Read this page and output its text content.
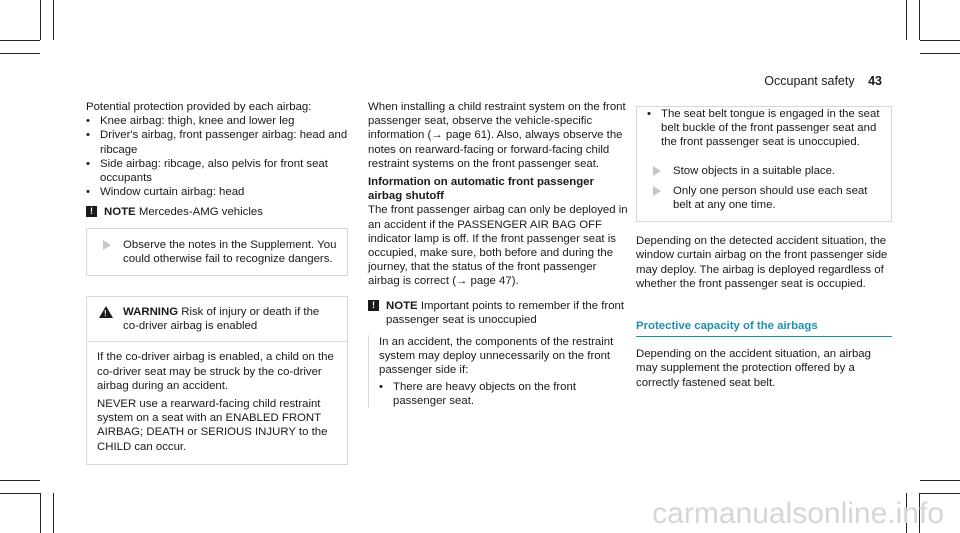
Occupant safety 43

Potential protection provided by each airbag:

• Knee airbag: thigh, knee and lower leg

• Driver's airbag, front passenger airbag: head and ribcage

• Side airbag: ribcage, also pelvis for front seat occupants

• Window curtain airbag: head

! NOTE Mercedes-AMG vehicles

Observe the notes in the Supplement. You could otherwise fail to recognize dangers.

! WARNING Risk of injury or death if the co-driver airbag is enabled

If the co-driver airbag is enabled, a child on the co-driver seat may be struck by the co-driver airbag during an accident.

NEVER use a rearward-facing child restraint system on a seat with an ENABLED FRONT AIRBAG; DEATH or SERIOUS INJURY to the CHILD can occur.

When installing a child restraint system on the front passenger seat, observe the vehicle-specific information (→ page 61). Also, always observe the notes on rearward-facing or forward-facing child restraint systems on the front passenger seat.

Information on automatic front passenger airbag shutoff

The front passenger airbag can only be deployed in an accident if the PASSENGER AIR BAG OFF indicator lamp is off. If the front passenger seat is occupied, make sure, both before and during the journey, that the status of the front passenger airbag is correct (→ page 47).

! NOTE Important points to remember if the front passenger seat is unoccupied

In an accident, the components of the restraint system may deploy unnecessarily on the front passenger side if:

• There are heavy objects on the front passenger seat.

• The seat belt tongue is engaged in the seat belt buckle of the front passenger seat and the front passenger seat is unoccupied.

Stow objects in a suitable place.

Only one person should use each seat belt at any one time.

Depending on the detected accident situation, the window curtain airbag on the front passenger side may deploy. The airbag is deployed regardless of whether the front passenger seat is occupied.

Protective capacity of the airbags

Depending on the accident situation, an airbag may supplement the protection offered by a correctly fastened seat belt.

carmanualsonline.info
